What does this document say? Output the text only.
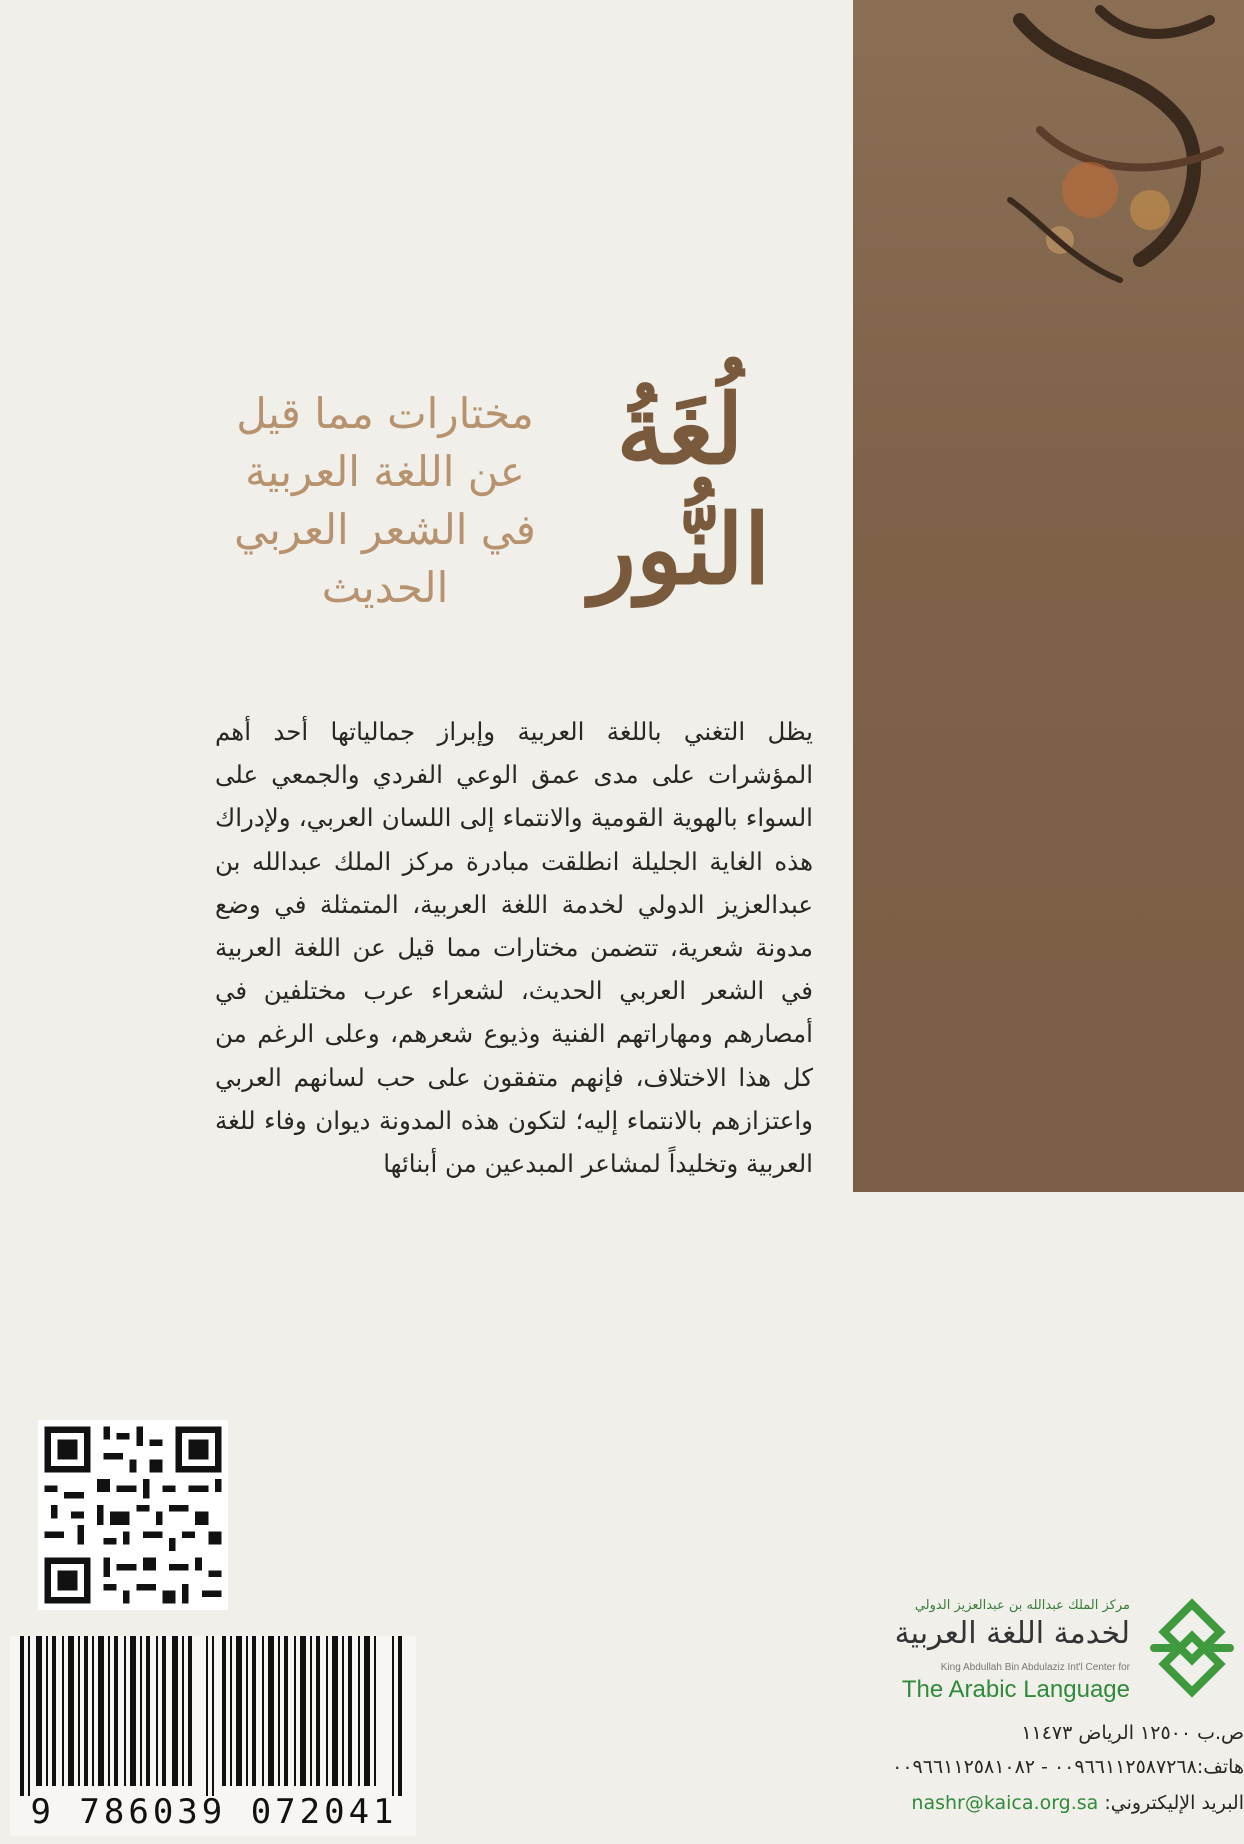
لُغَةُ
النُّور
مختارات مما قيل
عن اللغة العربية
في الشعر العربي
الحديث
يظل التغني باللغة العربية وإبراز جمالياتها أحد أهم المؤشرات على مدى عمق الوعي الفردي والجمعي على السواء بالهوية القومية والانتماء إلى اللسان العربي، ولإدراك هذه الغاية الجليلة انطلقت مبادرة مركز الملك عبدالله بن عبدالعزيز الدولي لخدمة اللغة العربية، المتمثلة في وضع مدونة شعرية، تتضمن مختارات مما قيل عن اللغة العربية في الشعر العربي الحديث، لشعراء عرب مختلفين في أمصارهم ومهاراتهم الفنية وذيوع شعرهم، وعلى الرغم من كل هذا الاختلاف، فإنهم متفقون على حب لسانهم العربي واعتزازهم بالانتماء إليه؛ لتكون هذه المدونة ديوان وفاء للغة العربية وتخليداً لمشاعر المبدعين من أبنائها
9 786039 072041
مركز الملك عبدالله بن عبدالعزيز الدولي
لخدمة اللغة العربية
King Abdullah Bin Abdulaziz Int'l Center for
The Arabic Language
ص.ب ١٢٥٠٠ الرياض ١١٤٧٣
هاتف:٠٠٩٦٦١١٢٥٨٧٢٦٨ - ٠٠٩٦٦١١٢٥٨١٠٨٢
البريد الإليكتروني: nashr@kaica.org.sa
